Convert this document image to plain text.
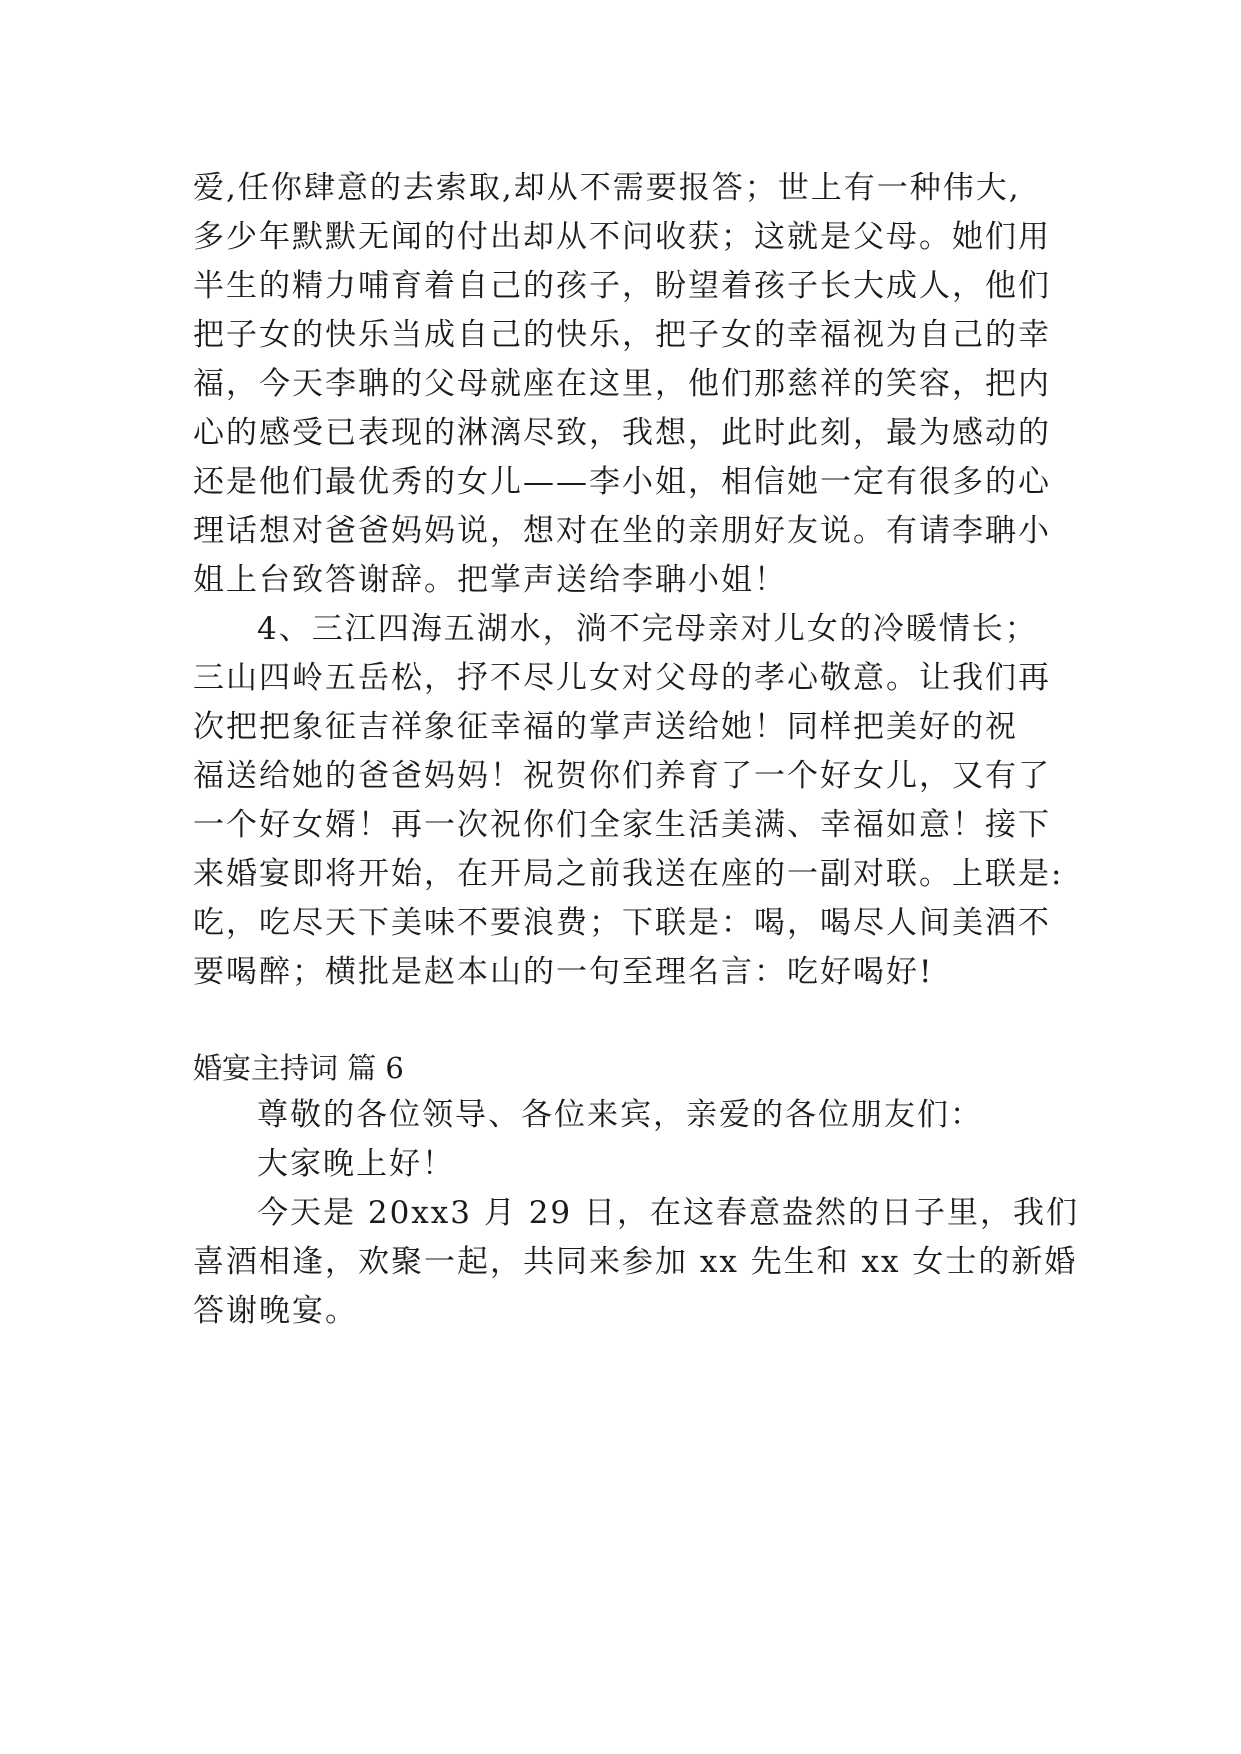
爱,任你肆意的去索取,却从不需要报答；世上有一种伟大,

多少年默默无闻的付出却从不问收获；这就是父母。她们用

半生的精力哺育着自己的孩子，盼望着孩子长大成人，他们

把子女的快乐当成自己的快乐，把子女的幸福视为自己的幸

福，今天李聃的父母就座在这里，他们那慈祥的笑容，把内

心的感受已表现的淋漓尽致，我想，此时此刻，最为感动的

还是他们最优秀的女儿——李小姐，相信她一定有很多的心

理话想对爸爸妈妈说，想对在坐的亲朋好友说。有请李聃小

姐上台致答谢辞。把掌声送给李聃小姐！

4、三江四海五湖水，淌不完母亲对儿女的冷暖情长；

三山四岭五岳松，抒不尽儿女对父母的孝心敬意。让我们再

次把把象征吉祥象征幸福的掌声送给她！同样把美好的祝

福送给她的爸爸妈妈！祝贺你们养育了一个好女儿，又有了

一个好女婿！再一次祝你们全家生活美满、幸福如意！接下

来婚宴即将开始，在开局之前我送在座的一副对联。上联是:

吃，吃尽天下美味不要浪费；下联是：喝，喝尽人间美酒不

要喝醉；横批是赵本山的一句至理名言：吃好喝好!

婚宴主持词 篇 6

尊敬的各位领导、各位来宾，亲爱的各位朋友们：

大家晚上好！

今天是 20xx3 月 29 日，在这春意盎然的日子里，我们

喜酒相逢，欢聚一起，共同来参加 xx 先生和 xx 女士的新婚

答谢晚宴。
